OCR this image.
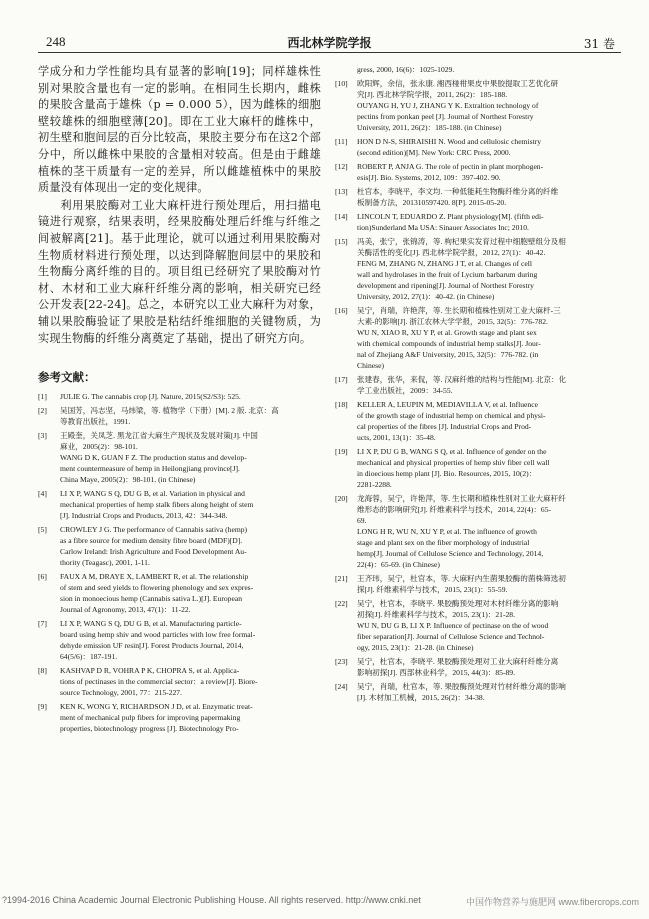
248	西北林学院学报	31 卷

学成分和力学性能均具有显著的影响[19]；同样雄株性别对果胶含量也有一定的影响。在相同生长期内，雌株的果胶含量高于雄株（p = 0.000 5），因为雌株的细胞壁较雄株的细胞壁薄[20]。即在工业大麻杆的雌株中，初生壁和胞间层的百分比较高，果胶主要分布在这2个部分中，所以雌株中果胶的含量相对较高。但是由于雌雄植株的茎干质量有一定的差异，所以雌雄植株中的果胶质量没有体现出一定的变化规律。

利用果胶酶对工业大麻杆进行预处理后，用扫描电镜进行观察，结果表明，经果胶酶处理后纤维与纤维之间被解离[21]。基于此理论，就可以通过利用果胶酶对生物质材料进行预处理，以达到降解胞间层中的果胶和生物酶分离纤维的目的。项目组已经研究了果胶酶对竹材、木材和工业大麻秆纤维分离的影响，相关研究已经公开发表[22-24]。总之，本研究以工业大麻秆为对象，辅以果胶酶验证了果胶是粘结纤维细胞的关键物质，为实现生物酶的纤维分离奠定了基础，提出了研究方向。

参考文献：
[1]	JULIE G. The cannabis crop [J]. Nature, 2015(S2/S3): 525.
[2]	吴国芳，冯志坚，马炜梁，等. 植物学（下册）[M]. 2 版. 北京：高
等教育出版社，1991.
[3]	王殿奎，关凤芝. 黑龙江省大麻生产现状及发展对策[J]. 中国
麻业，2005(2)：98-101.
WANG D K, GUAN F Z. The production status and develop-
ment countermeasure of hemp in Heilongjiang province[J].
China Maye, 2005(2)：98-101. (in Chinese)
[4]	LI X P, WANG S Q, DU G B, et al. Variation in physical and
mechanical properties of hemp stalk fibers along height of stem
[J]. Industrial Crops and Products, 2013, 42：344-348.
[5]	CROWLEY J G. The performance of Cannabis sativa (hemp)
as a fibre source for medium density fibre board (MDF)[D].
Carlow Ireland: Irish Agriculture and Food Development Au-
thority (Teagasc), 2001, 1-11.
[6]	FAUX A M, DRAYE X, LAMBERT R, et al. The relationship
of stem and seed yields to flowering phenology and sex expres-
sion in monoecious hemp (Cannabis sativa L.)[J]. European
Journal of Agronomy, 2013, 47(1)：11-22.
[7]	LI X P, WANG S Q, DU G B, et al. Manufacturing particle-
board using hemp shiv and wood particles with low free formal-
dehyde emission UF resin[J]. Forest Products Journal, 2014,
64(5/6)：187-191.
[8]	KASHVAP D R, VOHRA P K, CHOPRA S, et al. Applica-
tions of pectinases in the commercial sector：a review[J]. Biore-
source Technology, 2001, 77：215-227.
[9]	KEN K, WONG Y, RICHARDSON J D, et al. Enzymatic treat-
ment of mechanical pulp fibers for improving papermaking
properties, biotechnology progress [J]. Biotechnology Pro-
gress, 2000, 16(6)：1025-1029.
[10]	欧阳辉，余信，张永康. 湘西椪柑果皮中果胶提取工艺优化研
究[J]. 西北林学院学报，2011, 26(2)：185-188.
OUYANG H, YU J, ZHANG Y K. Extraltion technology of
pectins from ponkan peel [J]. Journal of Northest Forestry
University, 2011, 26(2)：185-188. (in Chinese)
[11]	HON D N-S, SHIRAISHI N. Wood and cellulosic chemistry
(second edition)[M]. New York: CRC Press, 2000.
[12]	ROBERT P, ANJA G. The role of pectin in plant morphogen-
esis[J]. Bio. Systems, 2012, 109：397-402. 90.
[13]	杜官本，李晓平，李文均. 一种低能耗生物酶纤维分离的纤维
板制备方法，201310597420. 8[P]. 2015-05-20.
[14]	LINCOLN T, EDUARDO Z. Plant physiology[M]. (fifth edi-
tion)Sunderland Ma USA: Sinauer Associates Inc; 2010.
[15]	冯美，张宁，张锦涛，等. 枸杞果实发育过程中细胞壁组分及相
关酶活性的变化[J]. 西北林学院学报，2012, 27(1)：40-42.
FENG M, ZHANG N, ZHANG J T, et al. Changes of cell
wall and hydrolases in the fruit of Lycium barbarum during
development and ripening[J]. Journal of Northest Forestry
University, 2012, 27(1)：40-42. (in Chinese)
[16]	吴宁，肖瑞，许艳萍，等. 生长期和植株性别对工业大麻杆-三
大素-的影响[J]. 浙江农林大学学报，2015, 32(5)：776-782.
WU N, XIAO R, XU Y P, et al. Growth stage and plant sex
with chemical compounds of industrial hemp stalks[J]. Jour-
nal of Zhejiang A&F University, 2015, 32(5)：776-782. (in
Chinese)
[17]	张建春，张华，来侃，等. 汉麻纤维的结构与性能[M]. 北京：化
学工业出版社，2009：34-55.
[18]	KELLER A, LEUPIN M, MEDIAVILLA V, et al. Influence
of the growth stage of industrial hemp on chemical and physi-
cal properties of the fibres [J]. Industrial Crops and Prod-
ucts, 2001, 13(1)：35-48.
[19]	LI X P, DU G B, WANG S Q, et al. Influence of gender on the
mechanical and physical properties of hemp shiv fiber cell wall
in dioecious hemp plant [J]. Bio. Resources, 2015, 10(2)：
2281-2288.
[20]	龙海蓉，吴宁，许艳萍，等. 生长期和植株性别对工业大麻秆纤
维形态的影响研究[J]. 纤维素科学与技术，2014, 22(4)：65-
69.
LONG H R, WU N, XU Y P, et al. The influence of growth
stage and plant sex on the fiber morphology of industrial
hemp[J]. Journal of Cellulose Science and Technology, 2014,
22(4)：65-69. (in Chinese)
[21]	王齐玮，吴宁，杜官本，等. 大麻籽内生菌果胶酶的菌株筛选初
探[J]. 纤维素科学与技术，2015, 23(1)：55-59.
[22]	吴宁，杜官本，李晓平. 果胶酶预处理对木材纤维分离的影响
初探[J]. 纤维素科学与技术，2015, 23(1)：21-28.
WU N, DU G B, LI X P. Influence of pectinase on the of wood
fiber separation[J]. Journal of Cellulose Science and Technol-
ogy, 2015, 23(1)：21-28. (in Chinese)
[23]	吴宁，杜官本，李晓平. 果胶酶预处理对工业大麻秆纤维分离
影响初探[J]. 西部林业科学，2015, 44(3)：85-89.
[24]	吴宁，肖瑞，杜官本，等. 果胶酶预处理对竹材纤维分离的影响
[J]. 木材加工机械，2015, 26(2)：34-38.
?1994-2016 China Academic Journal Electronic Publishing House. All rights reserved. http://www.cnki.net	中国作物营养与施肥网 www.fibercrops.com
